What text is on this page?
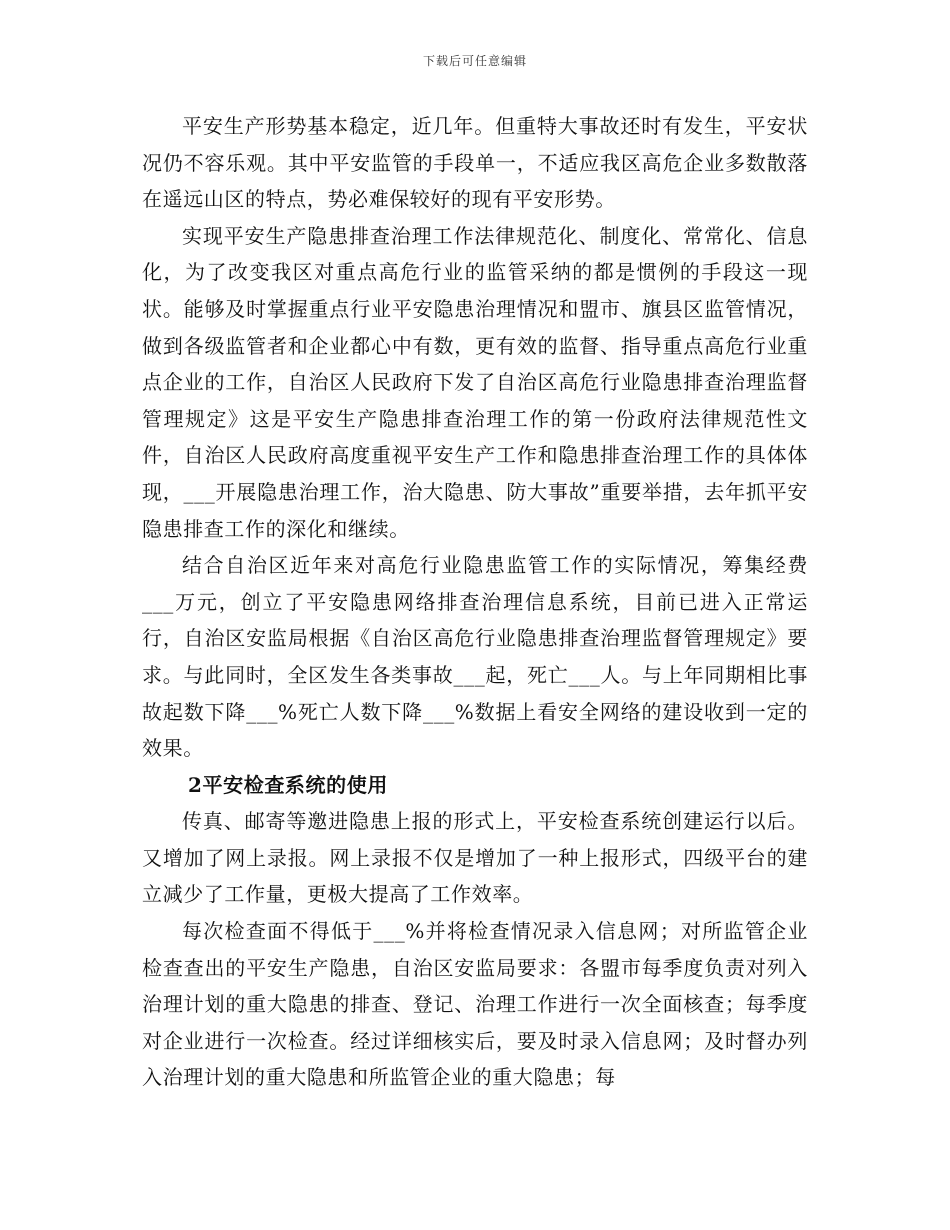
下载后可任意编辑

平安生产形势基本稳定，近几年。但重特大事故还时有发生，平安状况仍不容乐观。其中平安监管的手段单一，不适应我区高危企业多数散落在遥远山区的特点，势必难保较好的现有平安形势。

实现平安生产隐患排查治理工作法律规范化、制度化、常常化、信息化，为了改变我区对重点高危行业的监管采纳的都是惯例的手段这一现状。能够及时掌握重点行业平安隐患治理情况和盟市、旗县区监管情况，做到各级监管者和企业都心中有数，更有效的监督、指导重点高危行业重点企业的工作，自治区人民政府下发了自治区高危行业隐患排查治理监督管理规定》这是平安生产隐患排查治理工作的第一份政府法律规范性文件，自治区人民政府高度重视平安生产工作和隐患排查治理工作的具体体现，___开展隐患治理工作，治大隐患、防大事故”重要举措，去年抓平安隐患排查工作的深化和继续。

结合自治区近年来对高危行业隐患监管工作的实际情况，筹集经费___万元，创立了平安隐患网络排查治理信息系统，目前已进入正常运行，自治区安监局根据《自治区高危行业隐患排查治理监督管理规定》要求。与此同时，全区发生各类事故___起，死亡___人。与上年同期相比事故起数下降___%死亡人数下降___%数据上看安全网络的建设收到一定的效果。

2平安检查系统的使用

传真、邮寄等邀进隐患上报的形式上，平安检查系统创建运行以后。又增加了网上录报。网上录报不仅是增加了一种上报形式，四级平台的建立减少了工作量，更极大提高了工作效率。

每次检查面不得低于___%并将检查情况录入信息网；对所监管企业检查查出的平安生产隐患，自治区安监局要求：各盟市每季度负责对列入治理计划的重大隐患的排查、登记、治理工作进行一次全面核查；每季度对企业进行一次检查。经过详细核实后，要及时录入信息网；及时督办列入治理计划的重大隐患和所监管企业的重大隐患；每
